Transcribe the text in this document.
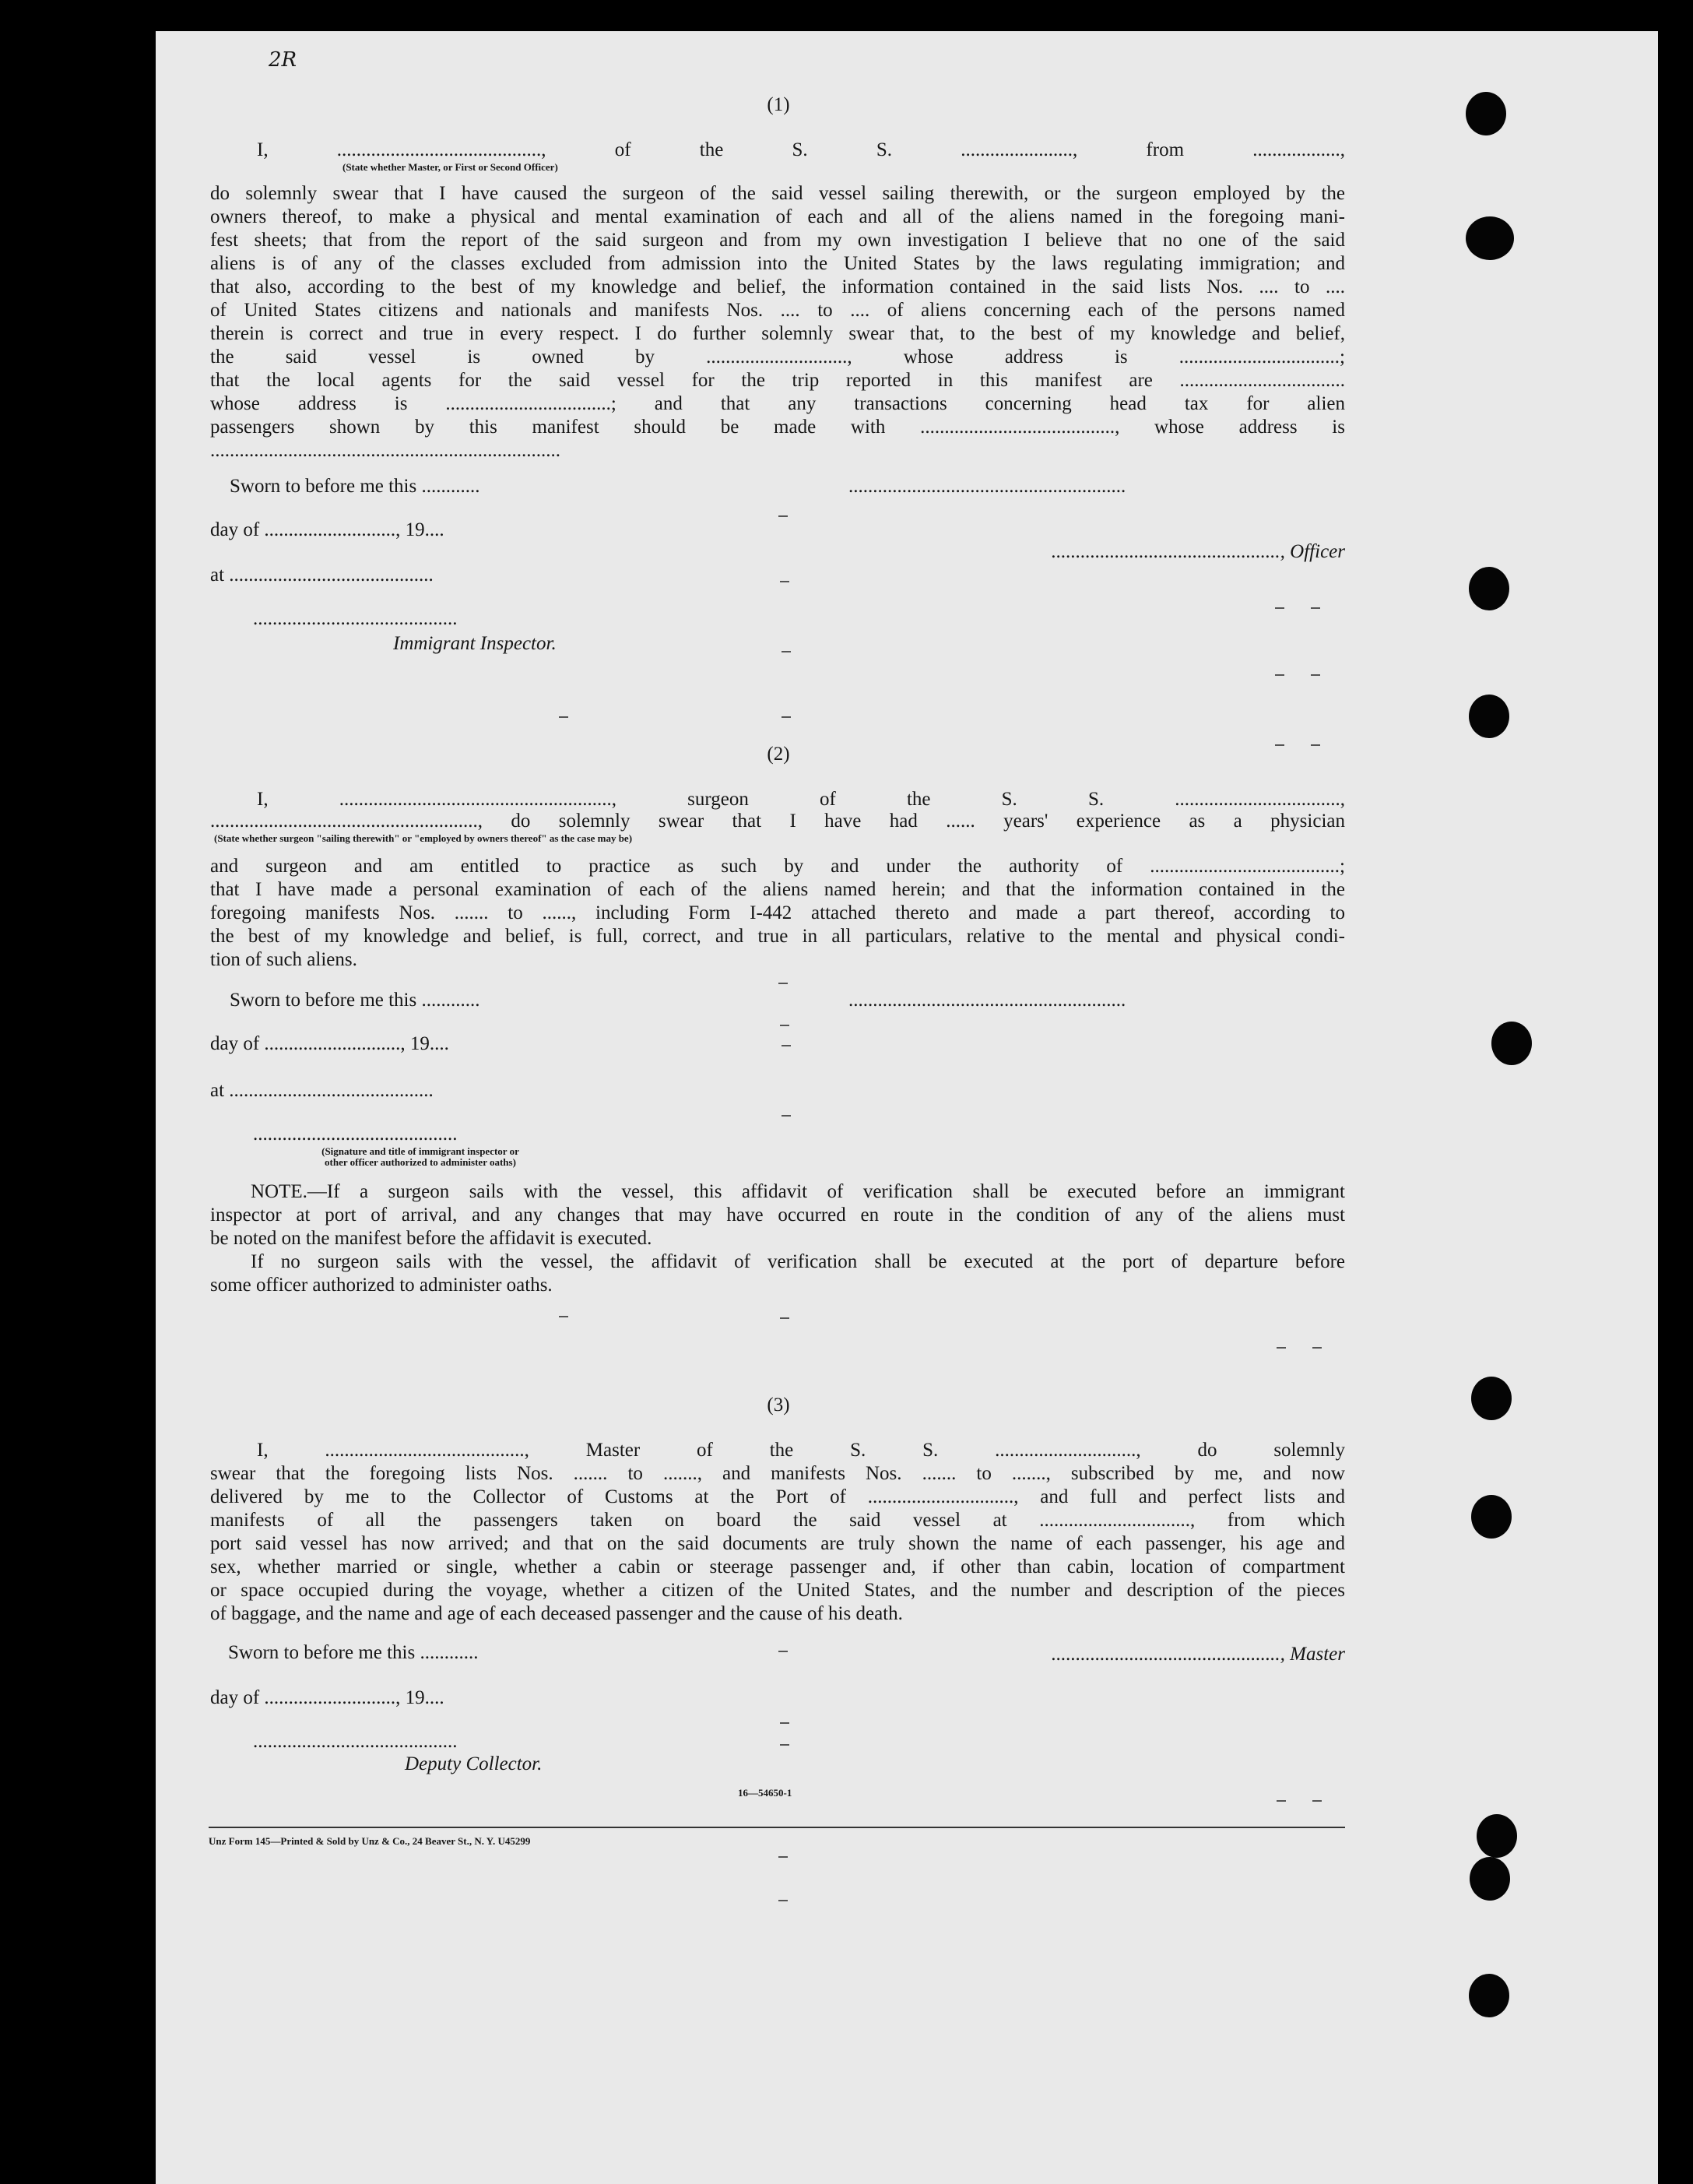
2R
(1)
I, .........................................., of the S. S. ......................., from ..................,
(State whether Master, or First or Second Officer)
do solemnly swear that I have caused the surgeon of the said vessel sailing therewith, or the surgeon employed by the
owners thereof, to make a physical and mental examination of each and all of the aliens named in the foregoing mani-
fest sheets; that from the report of the said surgeon and from my own investigation I believe that no one of the said
aliens is of any of the classes excluded from admission into the United States by the laws regulating immigration; and
that also, according to the best of my knowledge and belief, the information contained in the said lists Nos. .... to ....
of United States citizens and nationals and manifests Nos. .... to .... of aliens concerning each of the persons named
therein is correct and true in every respect. I do further solemnly swear that, to the best of my knowledge and belief,
the said vessel is owned by ............................., whose address is .................................;
that the local agents for the said vessel for the trip reported in this manifest are ..................................
whose address is ..................................; and that any transactions concerning head tax for alien
passengers shown by this manifest should be made with ........................................, whose address is
........................................................................
Sworn to before me this ............	.........................................................
day of ..........................., 19....
..............................................., Officer
at ..........................................
..........................................
Immigrant Inspector.
(2)
I, ........................................................, surgeon of the S. S. ..................................,
......................................................., do solemnly swear that I have had ...... years' experience as a physician
(State whether surgeon "sailing therewith" or "employed by owners thereof" as the case may be)
and surgeon and am entitled to practice as such by and under the authority of .......................................;
that I have made a personal examination of each of the aliens named herein; and that the information contained in the
foregoing manifests Nos. ....... to ......, including Form I-442 attached thereto and made a part thereof, according to
the best of my knowledge and belief, is full, correct, and true in all particulars, relative to the mental and physical condi-
tion of such aliens.
Sworn to before me this ............	.........................................................
day of ............................, 19....
at ..........................................
..........................................
(Signature and title of immigrant inspector or
other officer authorized to administer oaths)
NOTE.—If a surgeon sails with the vessel, this affidavit of verification shall be executed before an immigrant
inspector at port of arrival, and any changes that may have occurred en route in the condition of any of the aliens must
be noted on the manifest before the affidavit is executed.
If no surgeon sails with the vessel, the affidavit of verification shall be executed at the port of departure before
some officer authorized to administer oaths.
(3)
I, ........................................., Master of the S. S. ............................., do solemnly
swear that the foregoing lists Nos. ....... to ......., and manifests Nos. ....... to ......., subscribed by me, and now
delivered by me to the Collector of Customs at the Port of .............................., and full and perfect lists and
manifests of all the passengers taken on board the said vessel at ..............................., from which
port said vessel has now arrived; and that on the said documents are truly shown the name of each passenger, his age and
sex, whether married or single, whether a cabin or steerage passenger and, if other than cabin, location of compartment
or space occupied during the voyage, whether a citizen of the United States, and the number and description of the pieces
of baggage, and the name and age of each deceased passenger and the cause of his death.
Sworn to before me this ............	..............................................., Master
day of ..........................., 19....
..........................................
Deputy Collector.
16—54650-1
Unz Form 145—Printed & Sold by Unz & Co., 24 Beaver St., N. Y. U45299
